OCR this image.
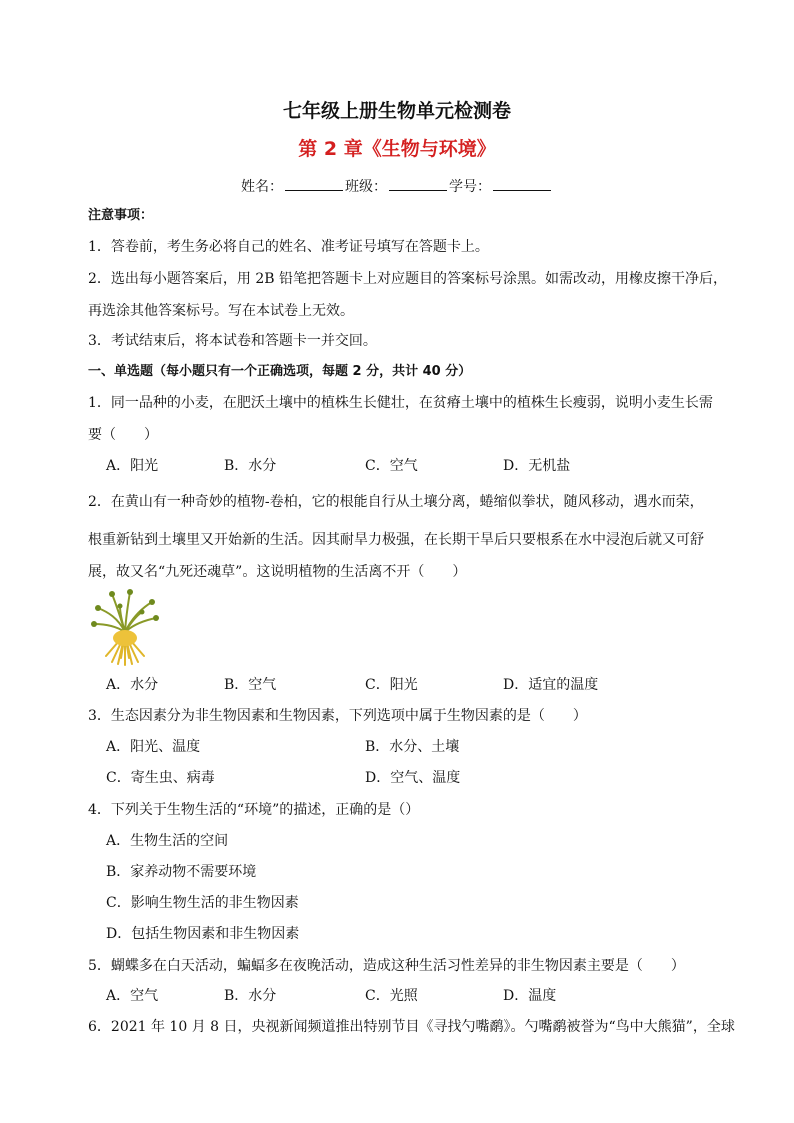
七年级上册生物单元检测卷
第 2 章《生物与环境》
姓名：	班级：	学号：
注意事项：
1．答卷前，考生务必将自己的姓名、准考证号填写在答题卡上。
2．选出每小题答案后，用 2B 铅笔把答题卡上对应题目的答案标号涂黑。如需改动，用橡皮擦干净后，
再选涂其他答案标号。写在本试卷上无效。
3．考试结束后，将本试卷和答题卡一并交回。
一、单选题（每小题只有一个正确选项，每题 2 分，共计 40 分）
1．同一品种的小麦，在肥沃土壤中的植株生长健壮，在贫瘠土壤中的植株生长瘦弱，说明小麦生长需
要（　　）
A．阳光	B．水分	C．空气	D．无机盐
2．在黄山有一种奇妙的植物-卷柏，它的根能自行从土壤分离，蜷缩似拳状，随风移动，遇水而荣，
根重新钻到土壤里又开始新的生活。因其耐旱力极强，在长期干旱后只要根系在水中浸泡后就又可舒
展，故又名“九死还魂草”。这说明植物的生活离不开（　　）
A．水分	B．空气	C．阳光	D．适宜的温度
3．生态因素分为非生物因素和生物因素，下列选项中属于生物因素的是（　　）
A．阳光、温度	B．水分、土壤
C．寄生虫、病毒	D．空气、温度
4．下列关于生物生活的“环境”的描述，正确的是（）
A．生物生活的空间
B．家养动物不需要环境
C．影响生物生活的非生物因素
D．包括生物因素和非生物因素
5．蝴蝶多在白天活动，蝙蝠多在夜晚活动，造成这种生活习性差异的非生物因素主要是（　　）
A．空气	B．水分	C．光照	D．温度
6．2021 年 10 月 8 日，央视新闻频道推出特别节目《寻找勺嘴鹬》。勺嘴鹬被誉为“鸟中大熊猫”，全球
